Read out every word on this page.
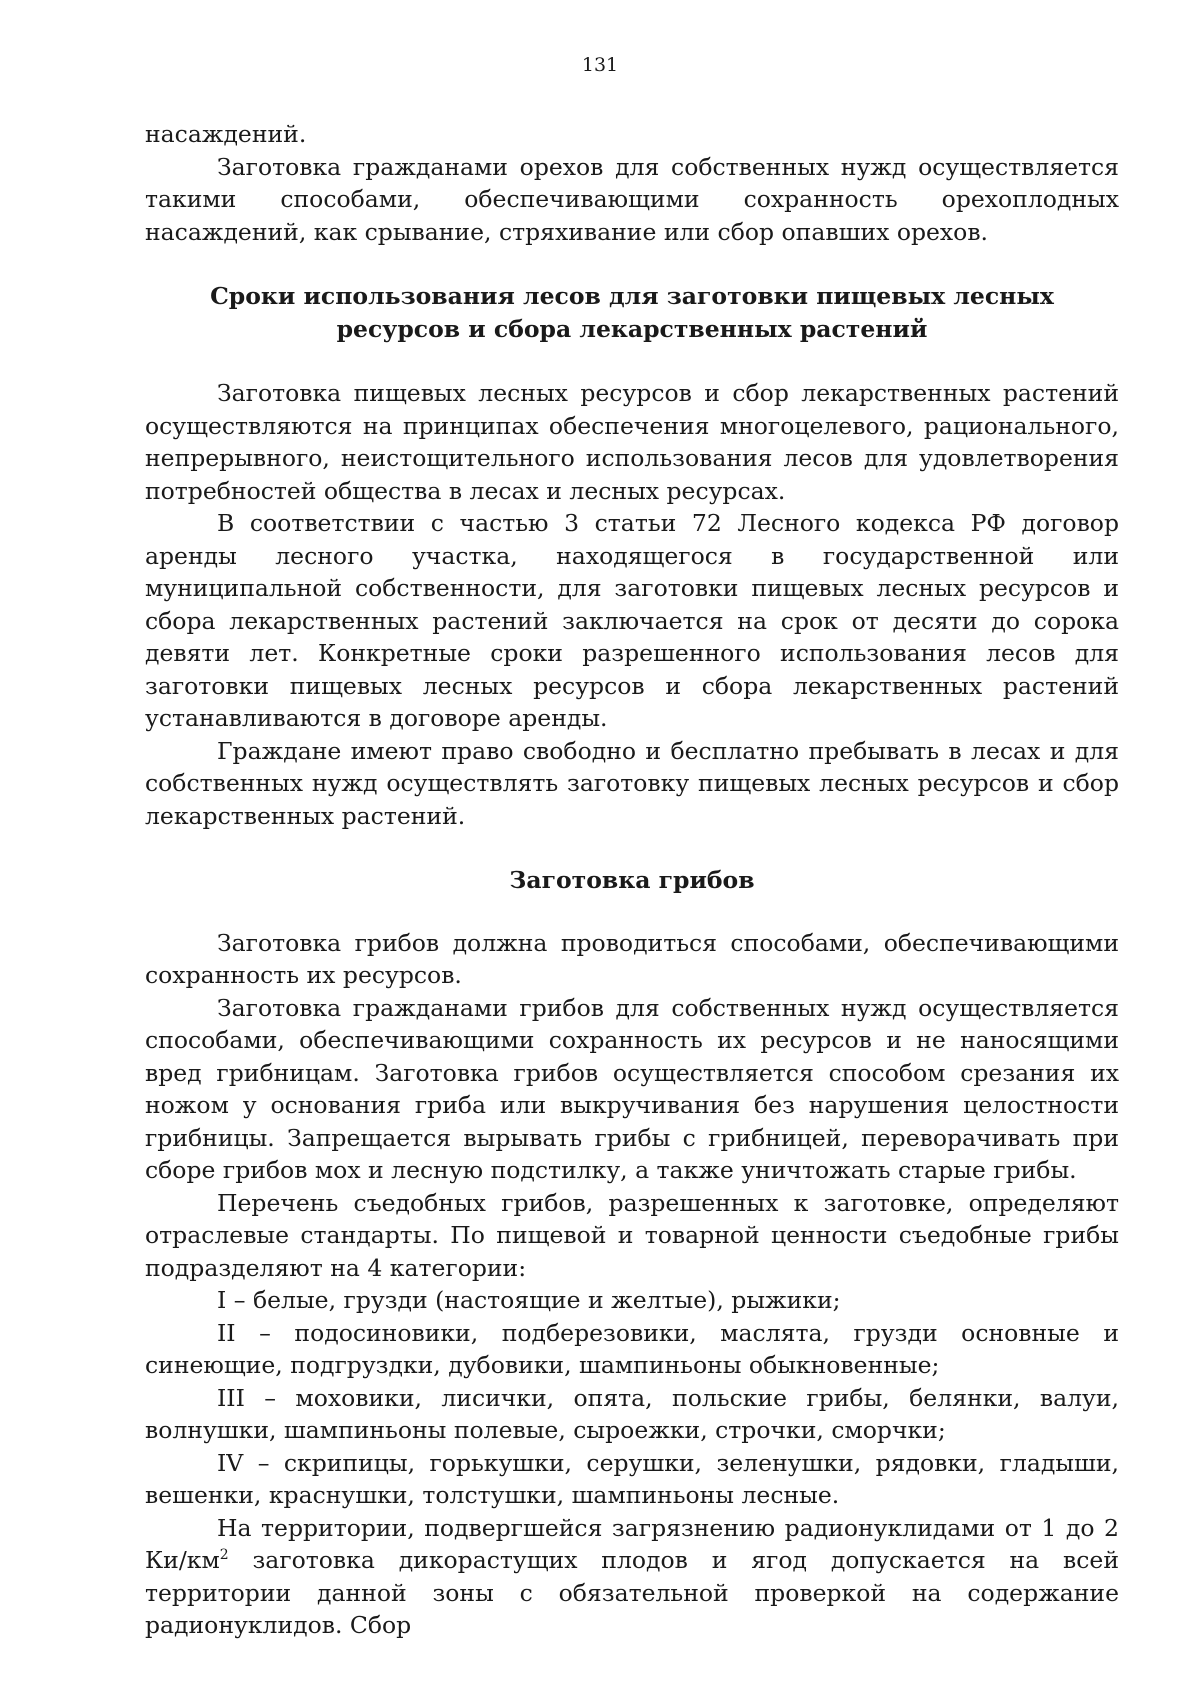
131

насаждений.

Заготовка гражданами орехов для собственных нужд осуществляется такими способами, обеспечивающими сохранность орехоплодных насаждений, как срывание, стряхивание или сбор опавших орехов.

Сроки использования лесов для заготовки пищевых лесных ресурсов и сбора лекарственных растений

Заготовка пищевых лесных ресурсов и сбор лекарственных растений осуществляются на принципах обеспечения многоцелевого, рационального, непрерывного, неистощительного использования лесов для удовлетворения потребностей общества в лесах и лесных ресурсах.

В соответствии с частью 3 статьи 72 Лесного кодекса РФ договор аренды лесного участка, находящегося в государственной или муниципальной собственности, для заготовки пищевых лесных ресурсов и сбора лекарственных растений заключается на срок от десяти до сорока девяти лет. Конкретные сроки разрешенного использования лесов для заготовки пищевых лесных ресурсов и сбора лекарственных растений устанавливаются в договоре аренды.

Граждане имеют право свободно и бесплатно пребывать в лесах и для собственных нужд осуществлять заготовку пищевых лесных ресурсов и сбор лекарственных растений.

Заготовка грибов

Заготовка грибов должна проводиться способами, обеспечивающими сохранность их ресурсов.

Заготовка гражданами грибов для собственных нужд осуществляется способами, обеспечивающими сохранность их ресурсов и не наносящими вред грибницам. Заготовка грибов осуществляется способом срезания их ножом у основания гриба или выкручивания без нарушения целостности грибницы. Запрещается вырывать грибы с грибницей, переворачивать при сборе грибов мох и лесную подстилку, а также уничтожать старые грибы.

Перечень съедобных грибов, разрешенных к заготовке, определяют отраслевые стандарты. По пищевой и товарной ценности съедобные грибы подразделяют на 4 категории:

I – белые, грузди (настоящие и желтые), рыжики;

II – подосиновики, подберезовики, маслята, грузди основные и синеющие, подгруздки, дубовики, шампиньоны обыкновенные;

III – моховики, лисички, опята, польские грибы, белянки, валуи, волнушки, шампиньоны полевые, сыроежки, строчки, сморчки;

IV – скрипицы, горькушки, серушки, зеленушки, рядовки, гладыши, вешенки, краснушки, толстушки, шампиньоны лесные.

На территории, подвергшейся загрязнению радионуклидами от 1 до 2 $Ки/км^2$ заготовка дикорастущих плодов и ягод допускается на всей территории данной зоны с обязательной проверкой на содержание радионуклидов. Сбор
